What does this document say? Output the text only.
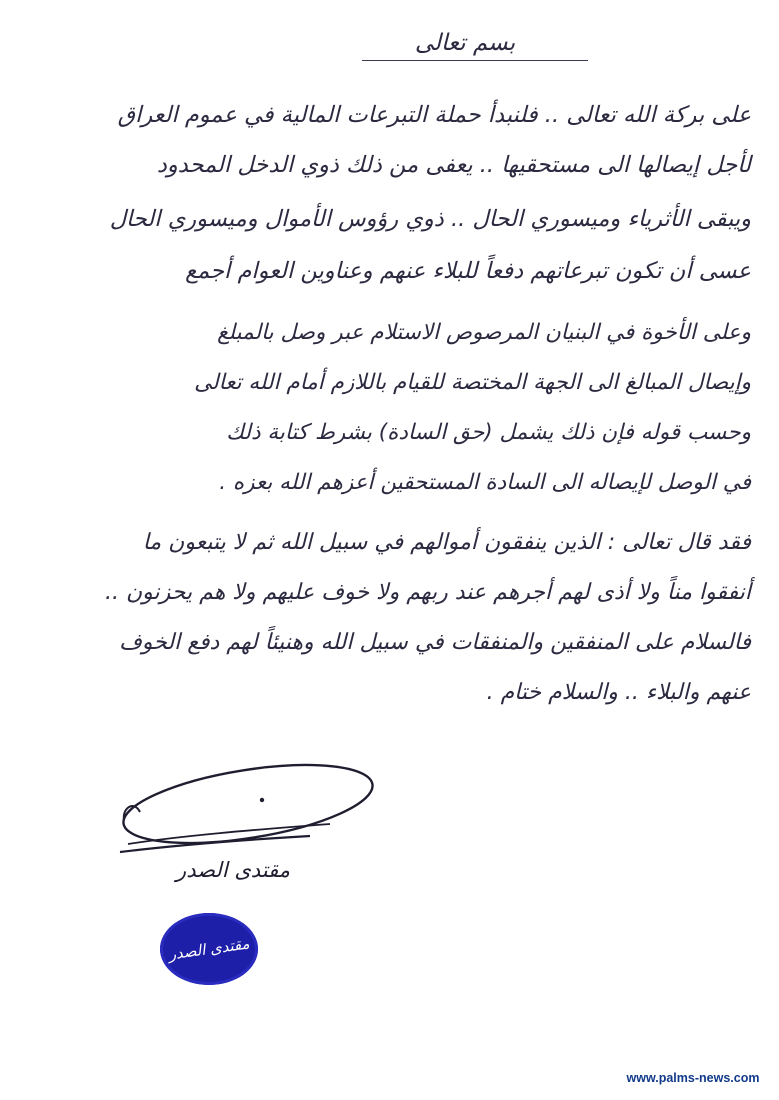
بسم تعالى
على بركة الله تعالى .. فلنبدأ حملة التبرعات المالية في عموم العراق
لأجل إيصالها الى مستحقيها .. يعفى من ذلك ذوي الدخل المحدود
ويبقى الأثرياء وميسوري الحال .. ذوي رؤوس الأموال وميسوري الحال
عسى أن تكون تبرعاتهم دفعاً للبلاء عنهم وعناوين العوام أجمع
وعلى الأخوة في البنيان المرصوص الاستلام عبر وصل بالمبلغ
وإيصال المبالغ الى الجهة المختصة للقيام باللازم أمام الله تعالى
وحسب قوله فإن ذلك يشمل (حق السادة) بشرط كتابة ذلك
في الوصل لإيصاله الى السادة المستحقين أعزهم الله بعزه .
فقد قال تعالى : الذين ينفقون أموالهم في سبيل الله ثم لا يتبعون ما
أنفقوا مناً ولا أذى لهم أجرهم عند ربهم ولا خوف عليهم ولا هم يحزنون ..
فالسلام على المنفقين والمنفقات في سبيل الله وهنيئاً لهم دفع الخوف
عنهم والبلاء .. والسلام ختام .
مقتدى الصدر
مقتدى الصدر
www.palms-news.com
